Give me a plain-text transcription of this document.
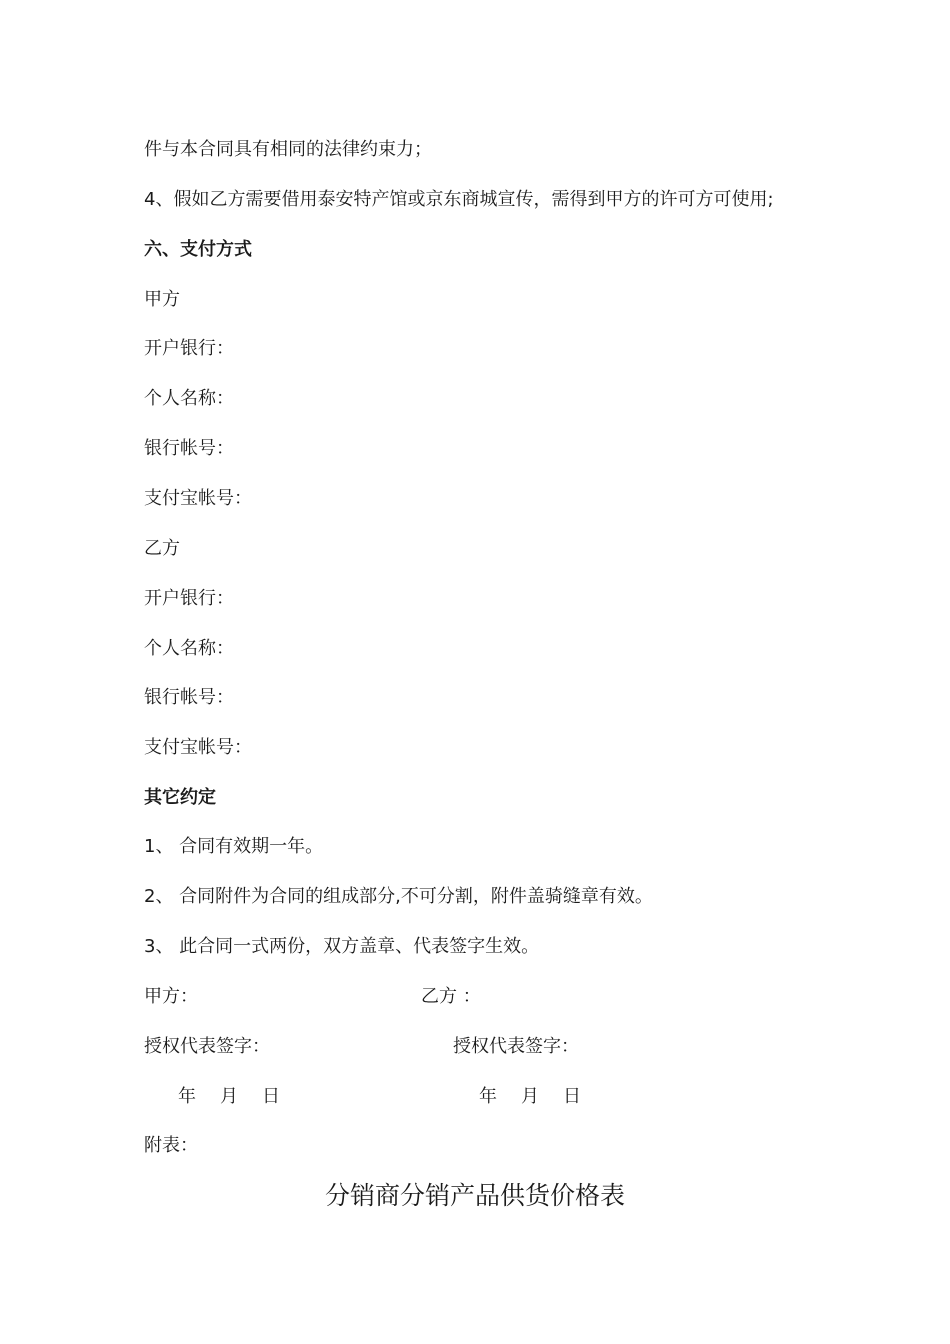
件与本合同具有相同的法律约束力；
4、假如乙方需要借用泰安特产馆或京东商城宣传，需得到甲方的许可方可使用;
六、支付方式
甲方
开户银行：
个人名称：
银行帐号：
支付宝帐号：
乙方
开户银行：
个人名称：
银行帐号：
支付宝帐号：
其它约定
1、 合同有效期一年。
2、 合同附件为合同的组成部分,不可分割，附件盖骑缝章有效。
3、 此合同一式两份，双方盖章、代表签字生效。
甲方：	乙方 ：
授权代表签字：	授权代表签字：
年 月 日	年 月 日
附表：
分销商分销产品供货价格表
